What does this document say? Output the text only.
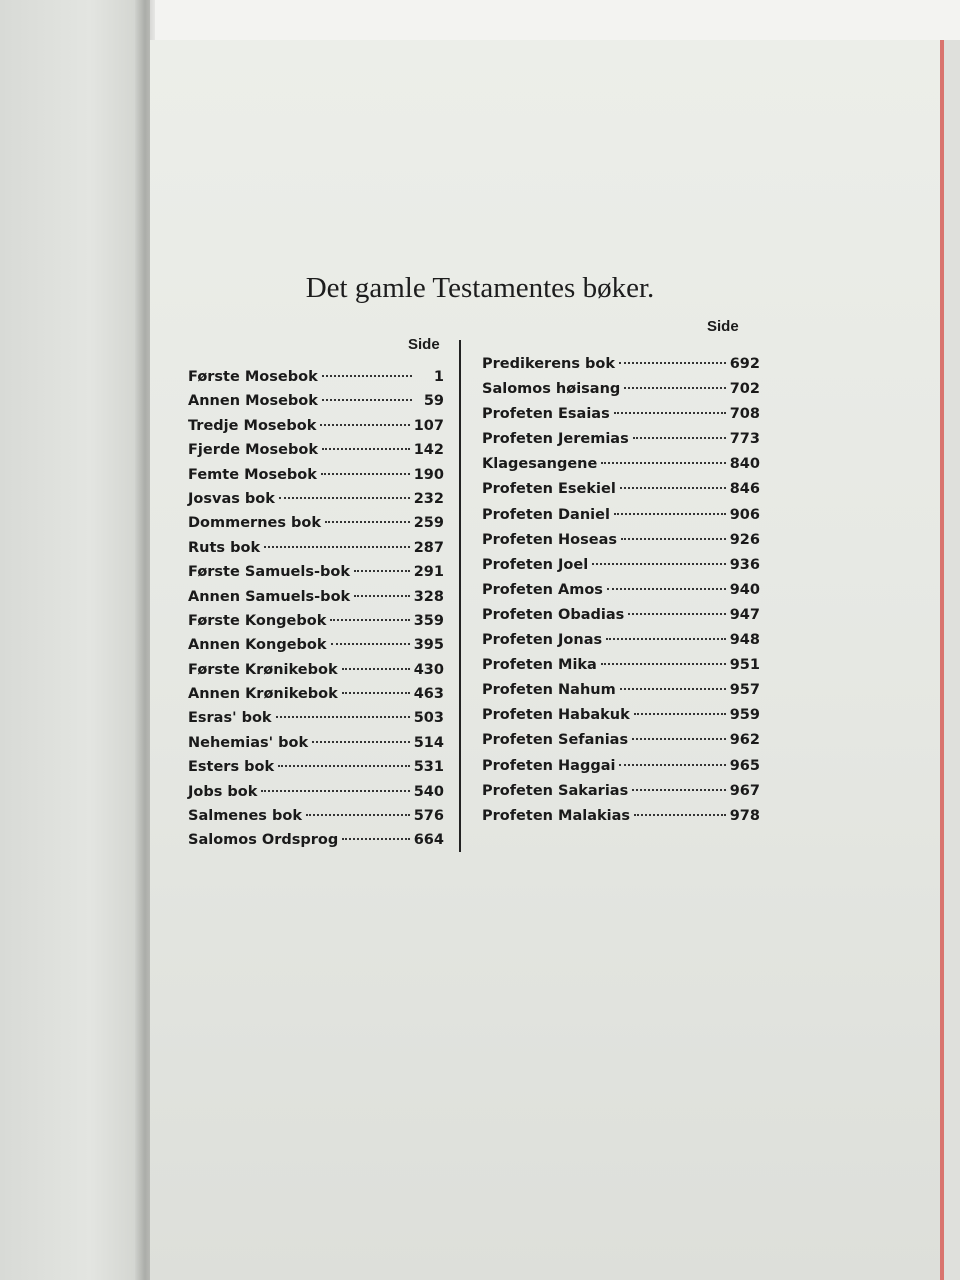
Det gamle Testamentes bøker.
Side
Side
Første Mosebok	1
Annen Mosebok	59
Tredje Mosebok	107
Fjerde Mosebok	142
Femte Mosebok	190
Josvas bok	232
Dommernes bok	259
Ruts bok	287
Første Samuels-bok	291
Annen Samuels-bok	328
Første Kongebok	359
Annen Kongebok	395
Første Krønikebok	430
Annen Krønikebok	463
Esras' bok	503
Nehemias' bok	514
Esters bok	531
Jobs bok	540
Salmenes bok	576
Salomos Ordsprog	664
Predikerens bok	692
Salomos høisang	702
Profeten Esaias	708
Profeten Jeremias	773
Klagesangene	840
Profeten Esekiel	846
Profeten Daniel	906
Profeten Hoseas	926
Profeten Joel	936
Profeten Amos	940
Profeten Obadias	947
Profeten Jonas	948
Profeten Mika	951
Profeten Nahum	957
Profeten Habakuk	959
Profeten Sefanias	962
Profeten Haggai	965
Profeten Sakarias	967
Profeten Malakias	978
